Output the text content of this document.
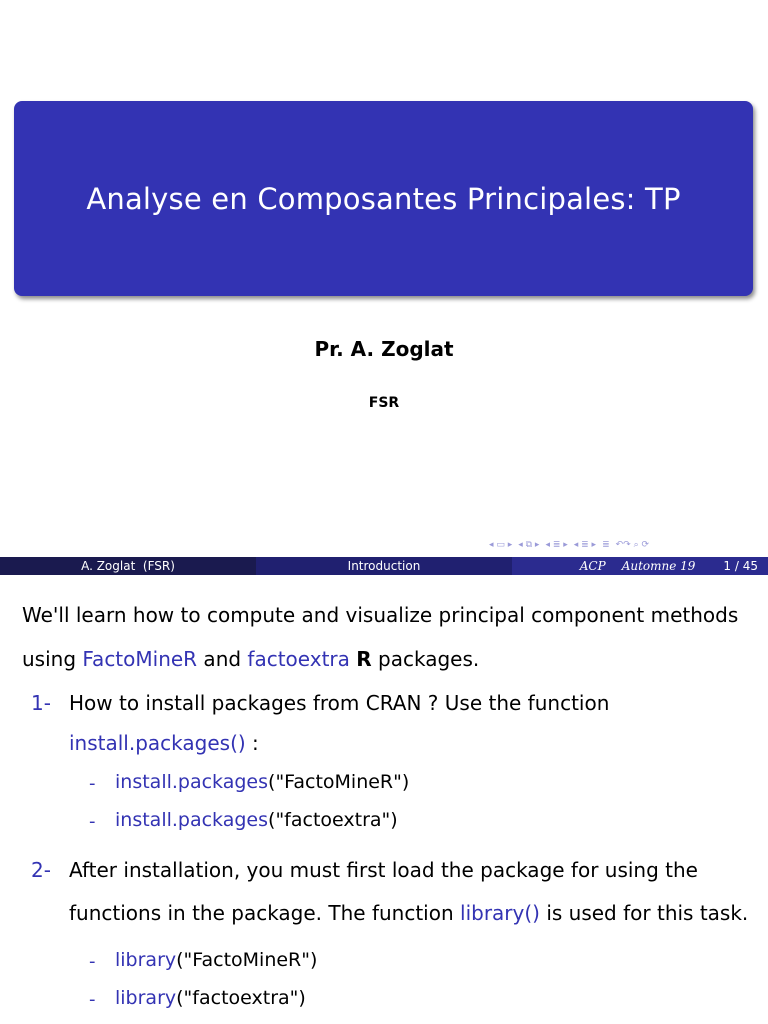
Analyse en Composantes Principales: TP
Pr. A. Zoglat
FSR
◂ ▭ ▸ ◂ ⧉ ▸ ◂ ≣ ▸ ◂ ≣ ▸ ≣ ↶↷ ⌕ ⟳
A. Zoglat  (FSR)	Introduction	ACP Automne 19 1 / 45
We'll learn how to compute and visualize principal component methods
using FactoMineR and factoextra R packages.
1- How to install packages from CRAN ? Use the function
install.packages() :
- install.packages("FactoMineR")
- install.packages("factoextra")
2- After installation, you must first load the package for using the
functions in the package. The function library() is used for this task.
- library("FactoMineR")
- library("factoextra")
